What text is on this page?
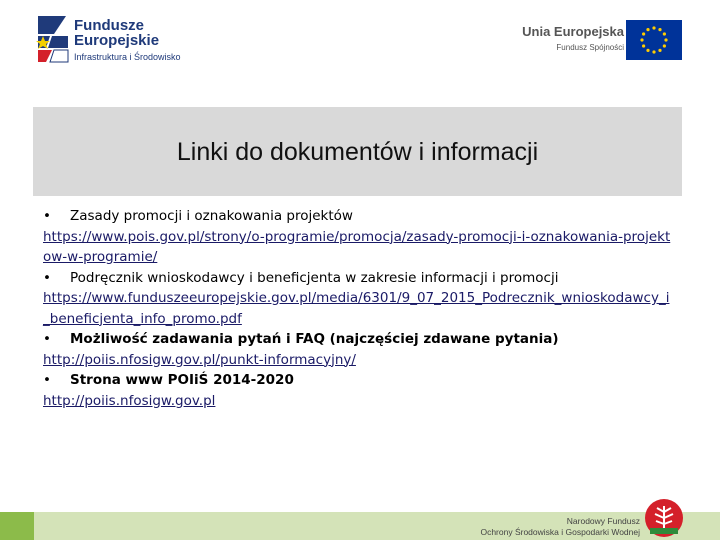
Fundusze
Europejskie
Infrastruktura i Środowisko
Unia Europejska
Fundusz Spójności
Linki do dokumentów i informacji
•	Zasady promocji i oznakowania projektów
https://www.pois.gov.pl/strony/o-programie/promocja/zasady-promocji-i-oznakowania-projektow-w-programie/
•	Podręcznik wnioskodawcy i beneficjenta w zakresie informacji i promocji
https://www.funduszeeuropejskie.gov.pl/media/6301/9_07_2015_Podrecznik_wnioskodawcy_i_beneficjenta_info_promo.pdf
•	Możliwość zadawania pytań i FAQ (najczęściej zdawane pytania)
http://poiis.nfosigw.gov.pl/punkt-informacyjny/
•	Strona www POIiŚ 2014-2020
http://poiis.nfosigw.gov.pl
Narodowy Fundusz
Ochrony Środowiska i Gospodarki Wodnej
